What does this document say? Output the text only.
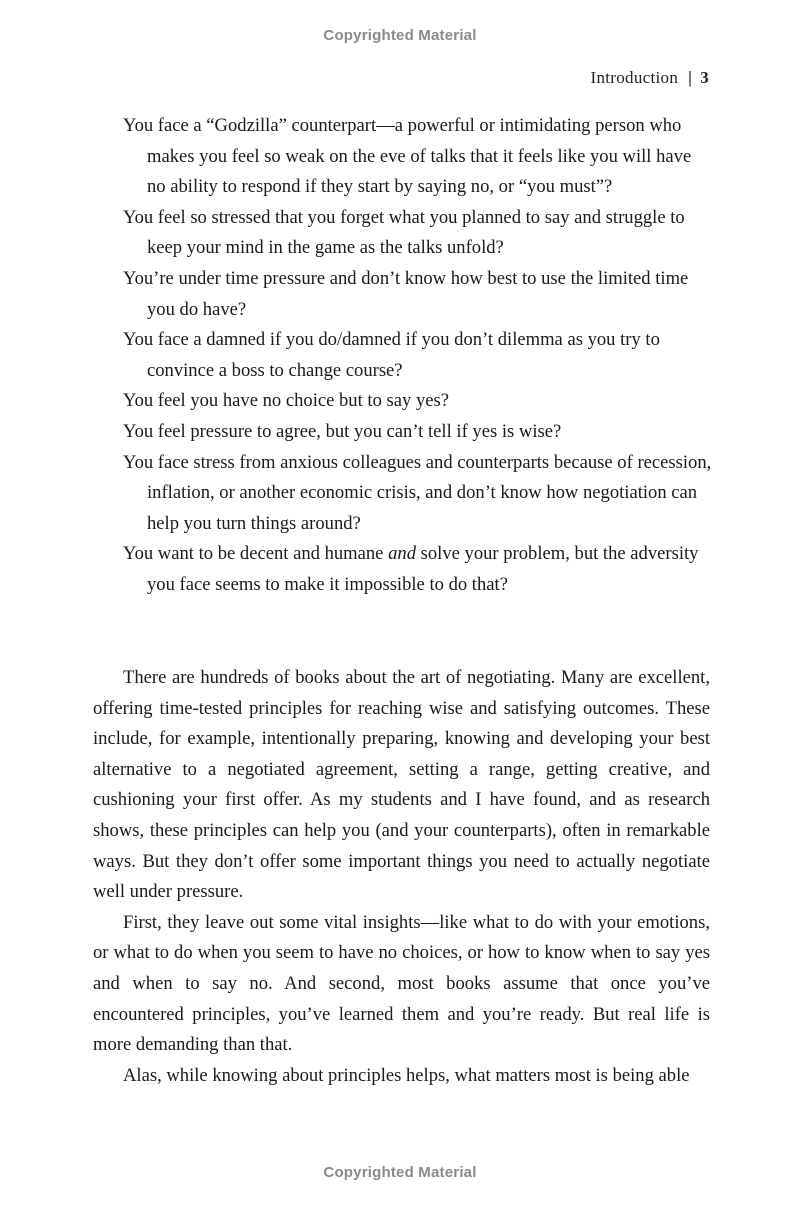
Copyrighted Material
Introduction | 3
You face a “Godzilla” counterpart—a powerful or intimidating person who makes you feel so weak on the eve of talks that it feels like you will have no ability to respond if they start by saying no, or “you must”?
You feel so stressed that you forget what you planned to say and struggle to keep your mind in the game as the talks unfold?
You’re under time pressure and don’t know how best to use the limited time you do have?
You face a damned if you do/damned if you don’t dilemma as you try to convince a boss to change course?
You feel you have no choice but to say yes?
You feel pressure to agree, but you can’t tell if yes is wise?
You face stress from anxious colleagues and counterparts because of recession, inflation, or another economic crisis, and don’t know how negotiation can help you turn things around?
You want to be decent and humane and solve your problem, but the adversity you face seems to make it impossible to do that?

There are hundreds of books about the art of negotiating. Many are excellent, offering time-tested principles for reaching wise and satisfying outcomes. These include, for example, intentionally preparing, knowing and developing your best alternative to a negotiated agreement, setting a range, getting creative, and cushioning your first offer. As my students and I have found, and as research shows, these principles can help you (and your counterparts), often in remarkable ways. But they don’t offer some important things you need to actually negotiate well under pressure.

First, they leave out some vital insights—like what to do with your emotions, or what to do when you seem to have no choices, or how to know when to say yes and when to say no. And second, most books assume that once you’ve encountered principles, you’ve learned them and you’re ready. But real life is more demanding than that.

Alas, while knowing about principles helps, what matters most is being able

Copyrighted Material
